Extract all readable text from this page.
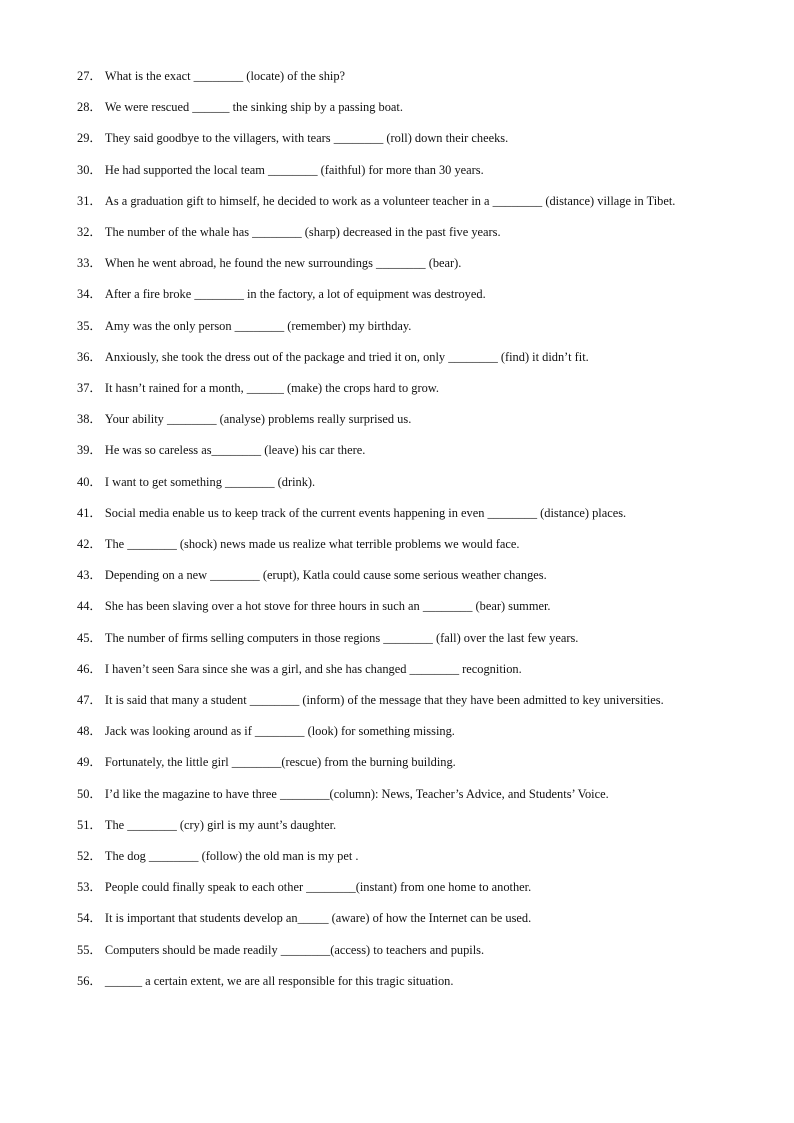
27． What is the exact ________ (locate) of the ship?
28． We were rescued ______ the sinking ship by a passing boat.
29． They said goodbye to the villagers, with tears ________ (roll) down their cheeks.
30． He had supported the local team ________ (faithful) for more than 30 years.
31． As a graduation gift to himself, he decided to work as a volunteer teacher in a ________ (distance) village in Tibet.
32． The number of the whale has ________ (sharp) decreased in the past five years.
33． When he went abroad, he found the new surroundings ________ (bear).
34． After a fire broke ________ in the factory, a lot of equipment was destroyed.
35． Amy was the only person ________ (remember) my birthday.
36． Anxiously, she took the dress out of the package and tried it on, only ________ (find) it didn’t fit.
37． It hasn’t rained for a month, ______ (make) the crops hard to grow.
38． Your ability ________ (analyse) problems really surprised us.
39． He was so careless as________ (leave) his car there.
40． I want to get something ________ (drink).
41． Social media enable us to keep track of the current events happening in even ________ (distance) places.
42． The ________ (shock) news made us realize what terrible problems we would face.
43． Depending on a new ________ (erupt), Katla could cause some serious weather changes.
44． She has been slaving over a hot stove for three hours in such an ________ (bear) summer.
45． The number of firms selling computers in those regions ________ (fall) over the last few years.
46． I haven’t seen Sara since she was a girl, and she has changed ________ recognition.
47． It is said that many a student ________ (inform) of the message that they have been admitted to key universities.
48． Jack was looking around as if ________ (look) for something missing.
49． Fortunately, the little girl ________(rescue) from the burning building.
50． I’d like the magazine to have three ________(column): News, Teacher’s Advice, and Students’ Voice.
51． The ________ (cry) girl is my aunt’s daughter.
52． The dog ________ (follow) the old man is my pet .
53． People could finally speak to each other ________(instant) from one home to another.
54． It is important that students develop an_____ (aware) of how the Internet can be used.
55． Computers should be made readily ________(access) to teachers and pupils.
56． ______ a certain extent, we are all responsible for this tragic situation.
